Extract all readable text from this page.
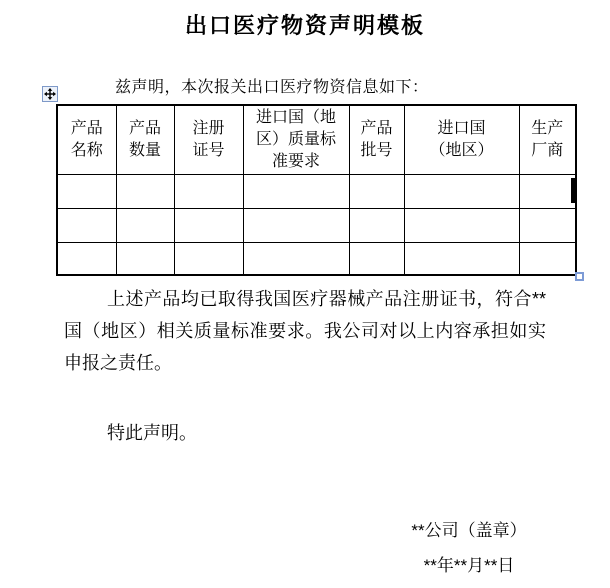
出口医疗物资声明模板
兹声明，本次报关出口医疗物资信息如下：
产品名称	产品数量	注册证号	进口国（地区）质量标准要求	产品批号	进口国（地区）	生产厂商

上述产品均已取得我国医疗器械产品注册证书，符合**国（地区）相关质量标准要求。我公司对以上内容承担如实申报之责任。

特此声明。
**公司（盖章）
**年**月**日
